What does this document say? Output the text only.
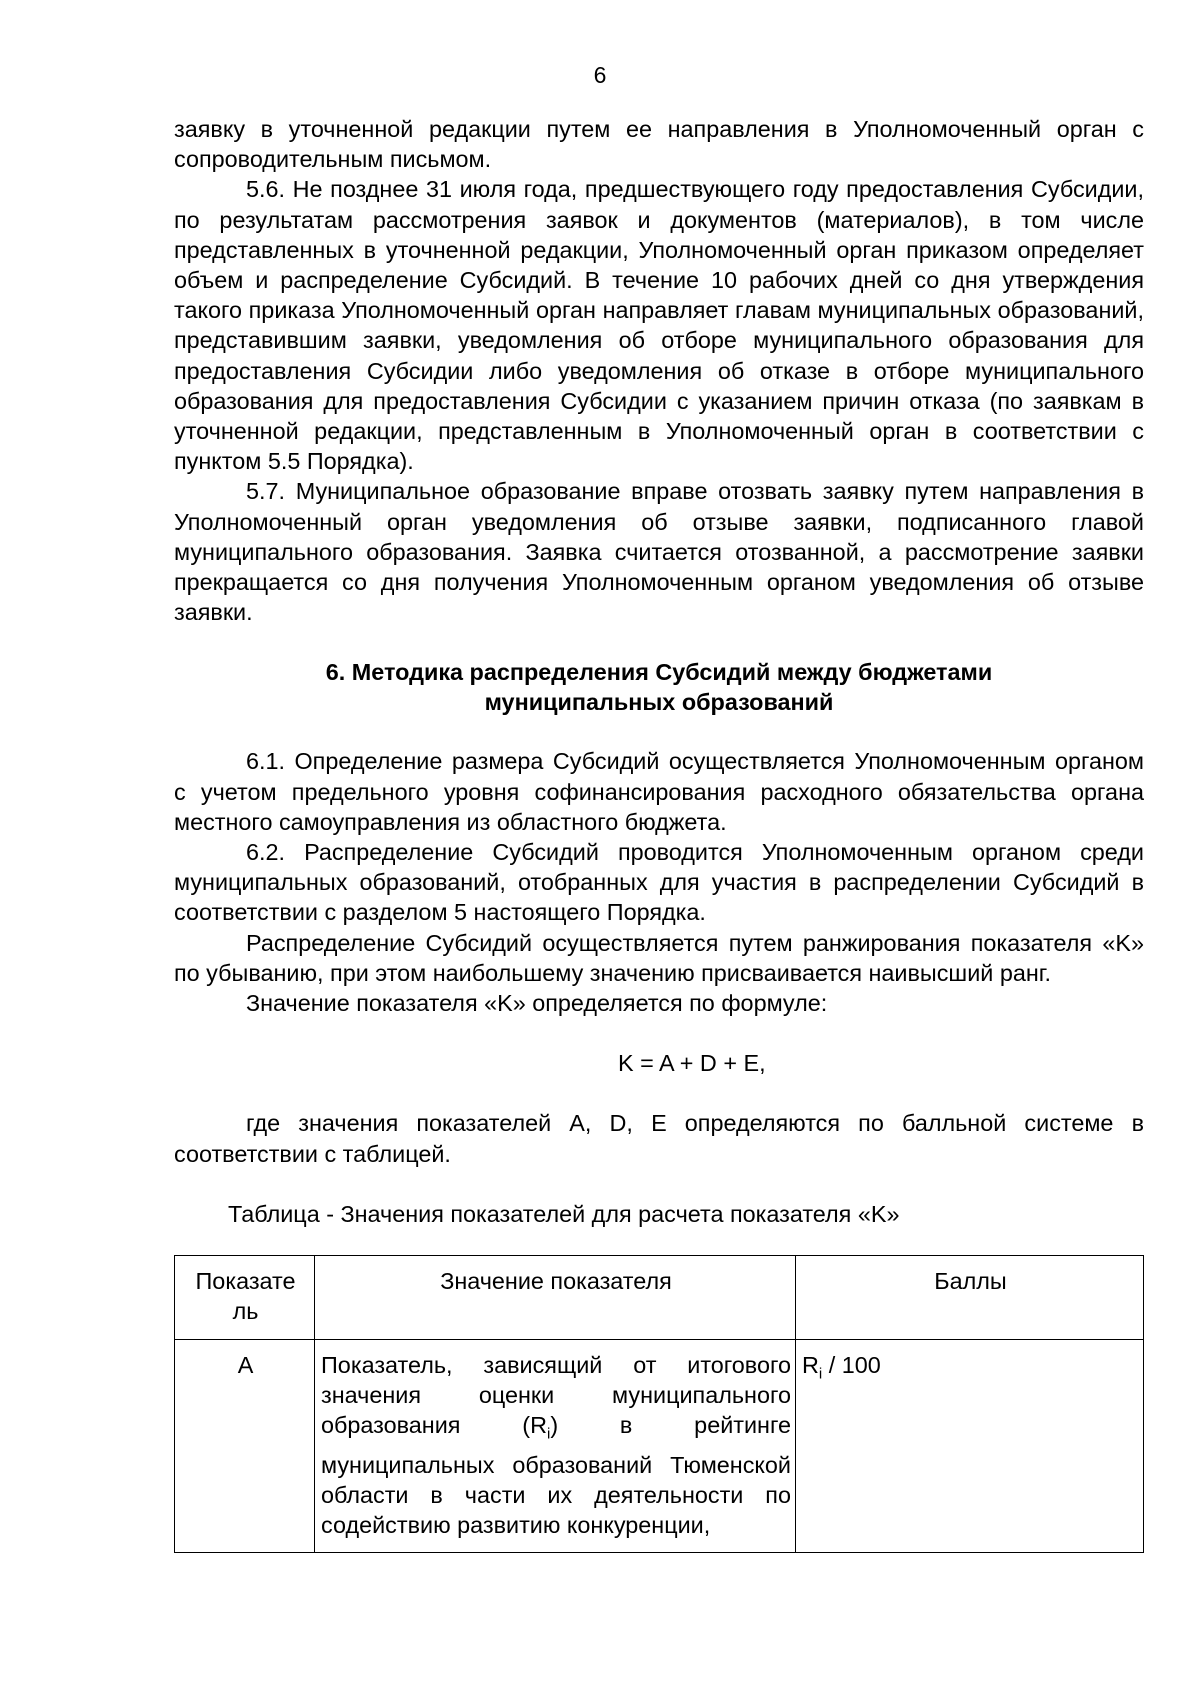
6

заявку в уточненной редакции путем ее направления в Уполномоченный орган с сопроводительным письмом.

5.6. Не позднее 31 июля года, предшествующего году предоставления Субсидии, по результатам рассмотрения заявок и документов (материалов), в том числе представленных в уточненной редакции, Уполномоченный орган приказом определяет объем и распределение Субсидий. В течение 10 рабочих дней со дня утверждения такого приказа Уполномоченный орган направляет главам муниципальных образований, представившим заявки, уведомления об отборе муниципального образования для предоставления Субсидии либо уведомления об отказе в отборе муниципального образования для предоставления Субсидии с указанием причин отказа (по заявкам в уточненной редакции, представленным в Уполномоченный орган в соответствии с пунктом 5.5 Порядка).

5.7. Муниципальное образование вправе отозвать заявку путем направления в Уполномоченный орган уведомления об отзыве заявки, подписанного главой муниципального образования. Заявка считается отозванной, а рассмотрение заявки прекращается со дня получения Уполномоченным органом уведомления об отзыве заявки.

6. Методика распределения Субсидий между бюджетами
муниципальных образований

6.1. Определение размера Субсидий осуществляется Уполномоченным органом с учетом предельного уровня софинансирования расходного обязательства органа местного самоуправления из областного бюджета.

6.2. Распределение Субсидий проводится Уполномоченным органом среди муниципальных образований, отобранных для участия в распределении Субсидий в соответствии с разделом 5 настоящего Порядка.

Распределение Субсидий осуществляется путем ранжирования показателя «K» по убыванию, при этом наибольшему значению присваивается наивысший ранг.

Значение показателя «K» определяется по формуле:

K = A + D + E,

где значения показателей A, D, E определяются по балльной системе в соответствии с таблицей.

Таблица - Значения показателей для расчета показателя «K»
Показате ль	Значение показателя	Баллы
A	Показатель, зависящий от итогового значения оценки муниципального образования $(R_i)$ в рейтинге муниципальных образований Тюменской области в части их деятельности по содействию развитию конкуренции,	$R_i / 100$
